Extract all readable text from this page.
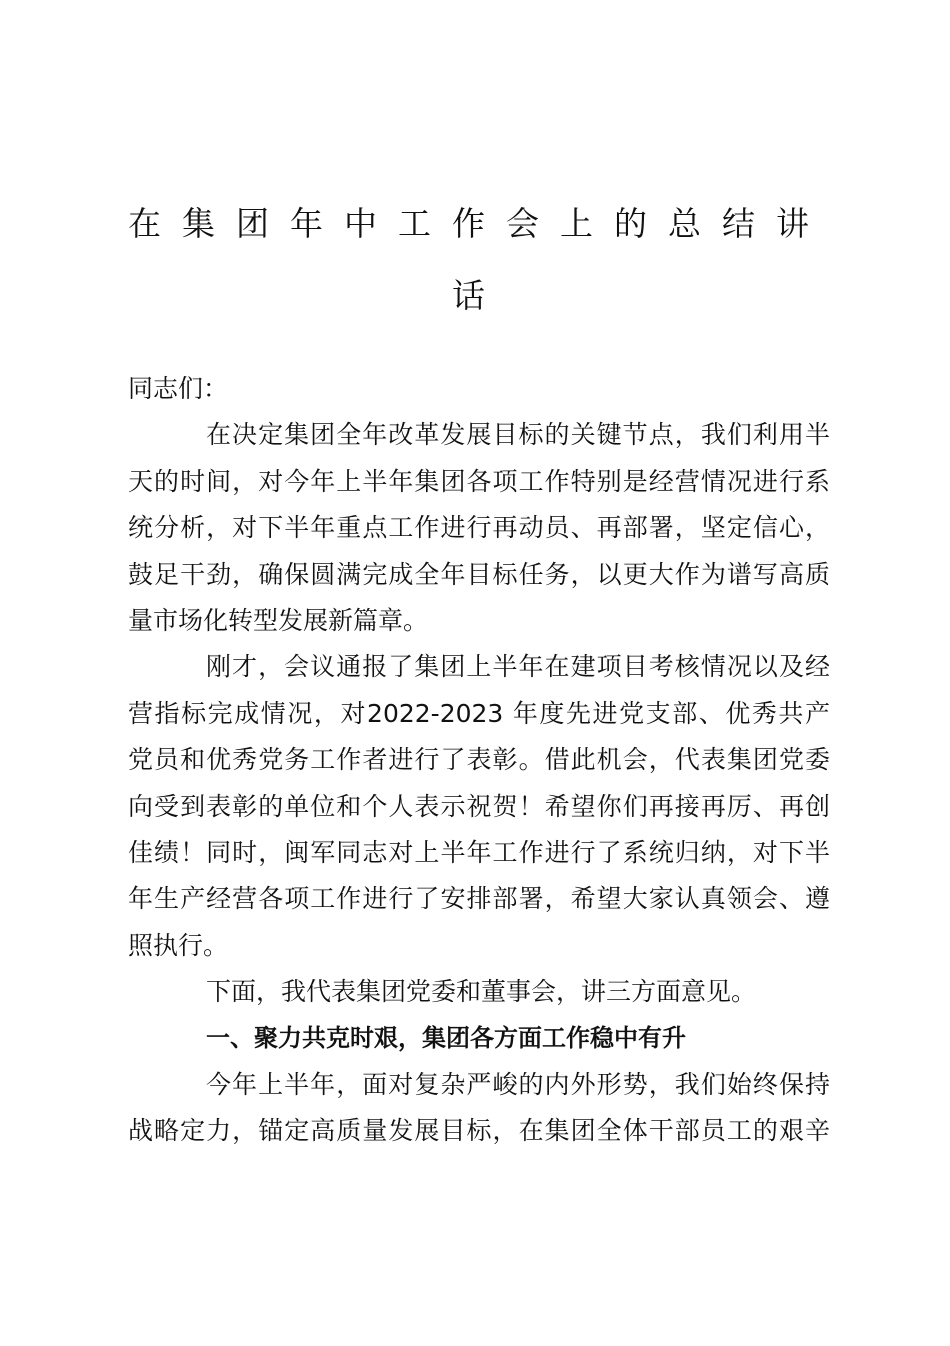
在集团年中工作会上的总结讲话
同志们：
在决定集团全年改革发展目标的关键节点，我们利用半
天的时间，对今年上半年集团各项工作特别是经营情况进行系
统分析，对下半年重点工作进行再动员、再部署，坚定信心，
鼓足干劲，确保圆满完成全年目标任务，以更大作为谱写高质
量市场化转型发展新篇章。
刚才，会议通报了集团上半年在建项目考核情况以及经
营指标完成情况，对2022-2023 年度先进党支部、优秀共产
党员和优秀党务工作者进行了表彰。借此机会，代表集团党委
向受到表彰的单位和个人表示祝贺！希望你们再接再厉、再创
佳绩！同时，闽军同志对上半年工作进行了系统归纳，对下半
年生产经营各项工作进行了安排部署，希望大家认真领会、遵
照执行。
下面，我代表集团党委和董事会，讲三方面意见。
一、聚力共克时艰，集团各方面工作稳中有升
今年上半年，面对复杂严峻的内外形势，我们始终保持
战略定力，锚定高质量发展目标，在集团全体干部员工的艰辛
